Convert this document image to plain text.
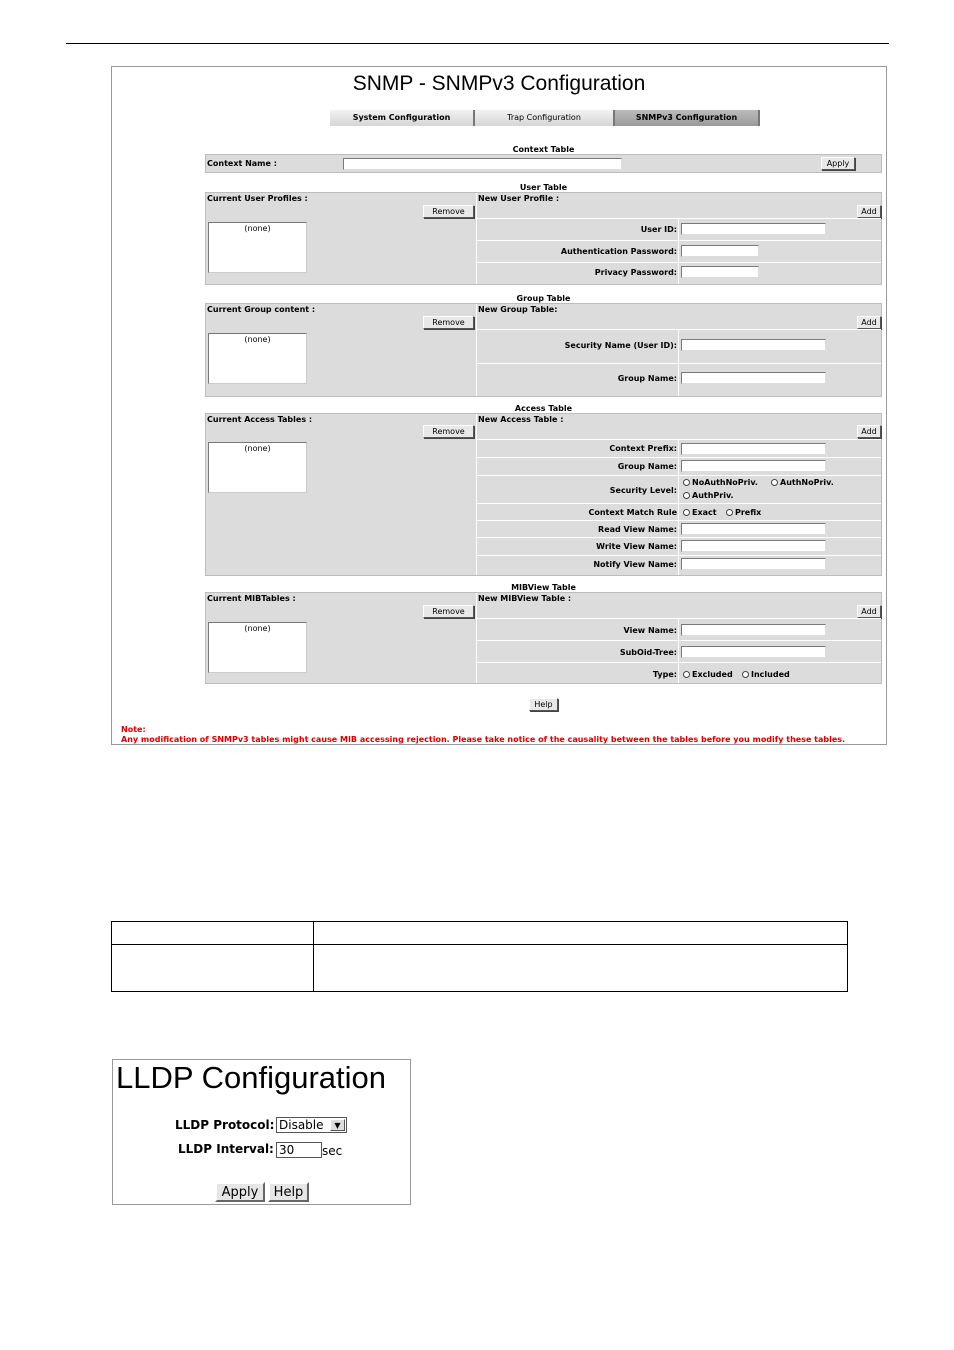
SNMP - SNMPv3 Configuration
System Configuration	Trap Configuration	SNMPv3 Configuration
Context Table
Context Name :	Apply
User Table
Current User Profiles :
Remove
(none)
New User Profile :
Add
User ID:
Authentication Password:
Privacy Password:
Group Table
Current Group content :
Remove
(none)
New Group Table:
Add
Security Name (User ID):
Group Name:
Access Table
Current Access Tables :
Remove
(none)
New Access Table :
Add
Context Prefix:
Group Name:
Security Level:
NoAuthNoPriv.	AuthNoPriv.
AuthPriv.
Context Match Rule	Exact	Prefix
Read View Name:
Write View Name:
Notify View Name:
MIBView Table
Current MIBTables :
Remove
(none)
New MIBView Table :
Add
View Name:
SubOid-Tree:
Type:	Excluded	Included
Help
Note:
Any modification of SNMPv3 tables might cause MIB accessing rejection. Please take notice of the causality between the tables before you modify these tables.
LLDP Configuration
LLDP Protocol: Disable	▼
LLDP Interval: 30	sec
Apply	Help
